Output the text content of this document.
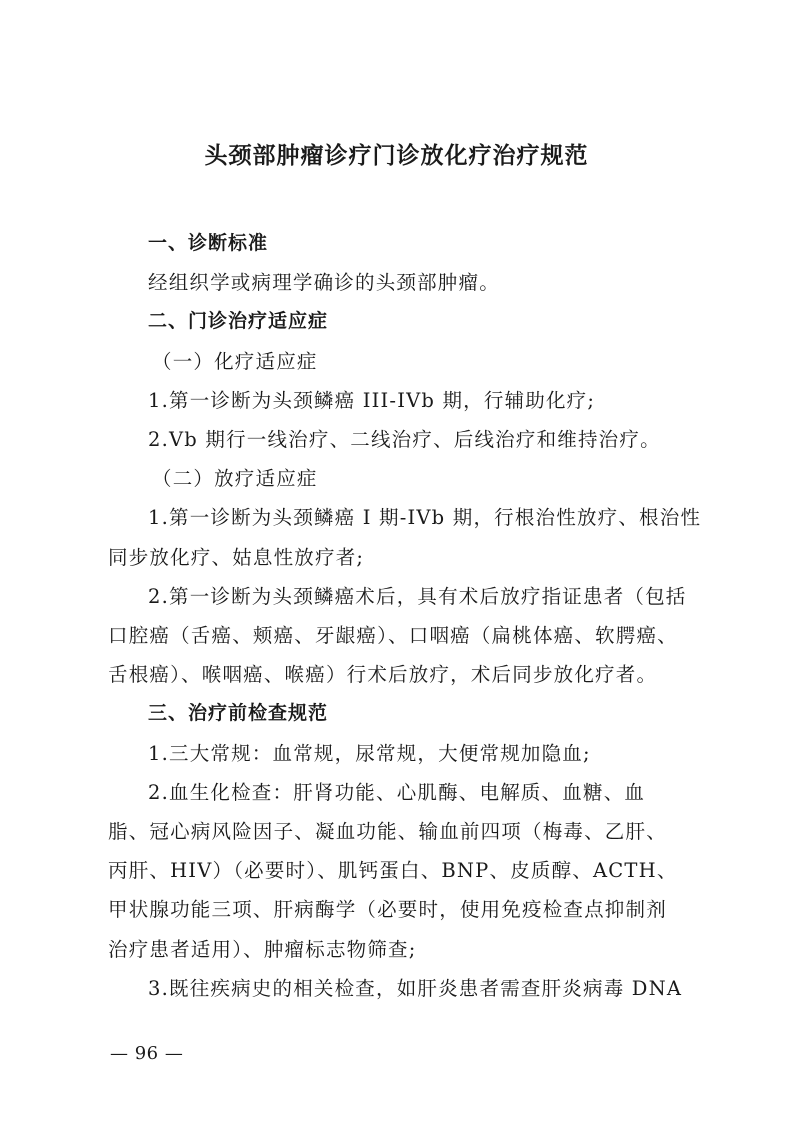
头颈部肿瘤诊疗门诊放化疗治疗规范
一、诊断标准
经组织学或病理学确诊的头颈部肿瘤。
二、门诊治疗适应症
（一）化疗适应症
1.第一诊断为头颈鳞癌 III-IVb 期，行辅助化疗;
2.Vb 期行一线治疗、二线治疗、后线治疗和维持治疗。
（二）放疗适应症
1.第一诊断为头颈鳞癌 I 期-IVb 期，行根治性放疗、根治性
同步放化疗、姑息性放疗者;
2.第一诊断为头颈鳞癌术后，具有术后放疗指证患者（包括
口腔癌（舌癌、颊癌、牙龈癌）、口咽癌（扁桃体癌、软腭癌、
舌根癌）、喉咽癌、喉癌）行术后放疗，术后同步放化疗者。
三、治疗前检查规范
1.三大常规：血常规，尿常规，大便常规加隐血;
2.血生化检查：肝肾功能、心肌酶、电解质、血糖、血
脂、冠心病风险因子、凝血功能、输血前四项（梅毒、乙肝、
丙肝、HIV）（必要时）、肌钙蛋白、BNP、皮质醇、ACTH、
甲状腺功能三项、肝病酶学（必要时，使用免疫检查点抑制剂
治疗患者适用）、肿瘤标志物筛查;
3.既往疾病史的相关检查，如肝炎患者需查肝炎病毒 DNA
— 96 —
